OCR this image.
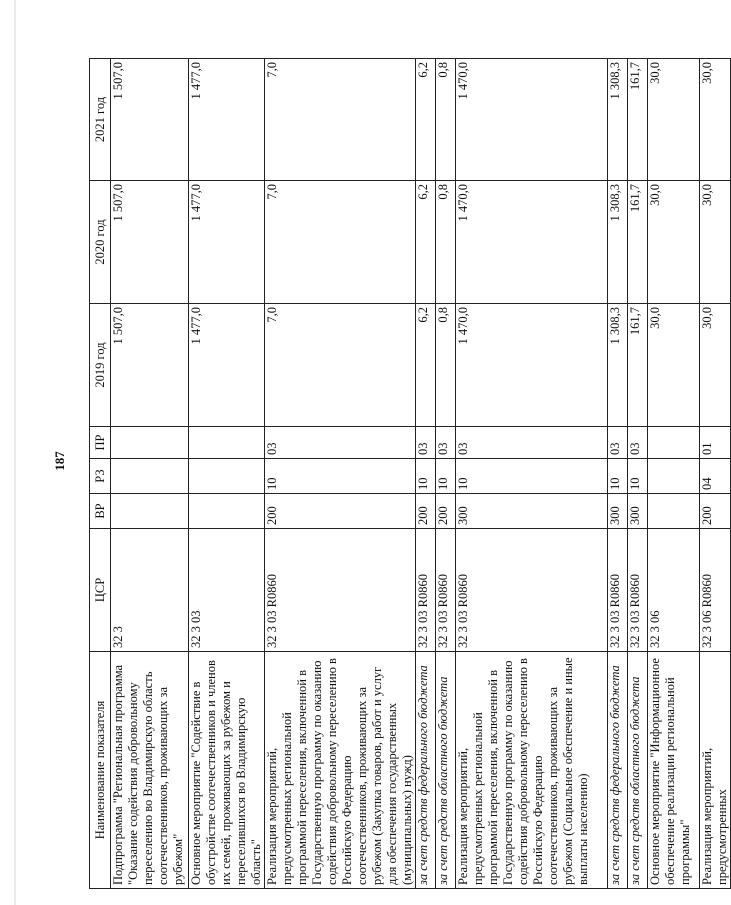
187
Наименование показателя	ЦСР	ВР	РЗ	ПР	2019 год	2020 год	2021 год
Подпрограмма "Региональная программа "Оказание содействия добровольному переселению во Владимирскую область соотечественников, проживающих за рубежом"	32 3				1 507,0	1 507,0	1 507,0
Основное мероприятие "Содействие в обустройстве соотечественников и членов их семей, проживающих за рубежом и переселившихся во Владимирскую область"	32 3 03				1 477,0	1 477,0	1 477,0
Реализация мероприятий, предусмотренных региональной программой переселения, включенной в Государственную программу по оказанию содействия добровольному переселению в Российскую Федерацию соотечественников, проживающих за рубежом (Закупка товаров, работ и услуг для обеспечения государственных (муниципальных) нужд)	32 3 03 R0860	200	10	03	7,0	7,0	7,0
за счет средств федерального бюджета	32 3 03 R0860	200	10	03	6,2	6,2	6,2
за счет средств областного бюджета	32 3 03 R0860	200	10	03	0,8	0,8	0,8
Реализация мероприятий, предусмотренных региональной программой переселения, включенной в Государственную программу по оказанию содействия добровольному переселению в Российскую Федерацию соотечественников, проживающих за рубежом (Социальное обеспечение и иные выплаты населению)	32 3 03 R0860	300	10	03	1 470,0	1 470,0	1 470,0
за счет средств федерального бюджета	32 3 03 R0860	300	10	03	1 308,3	1 308,3	1 308,3
за счет средств областного бюджета	32 3 03 R0860	300	10	03	161,7	161,7	161,7
Основное мероприятие "Информационное обеспечение реализации региональной программы"	32 3 06				30,0	30,0	30,0
Реализация мероприятий, предусмотренных	32 3 06 R0860	200	04	01	30,0	30,0	30,0
